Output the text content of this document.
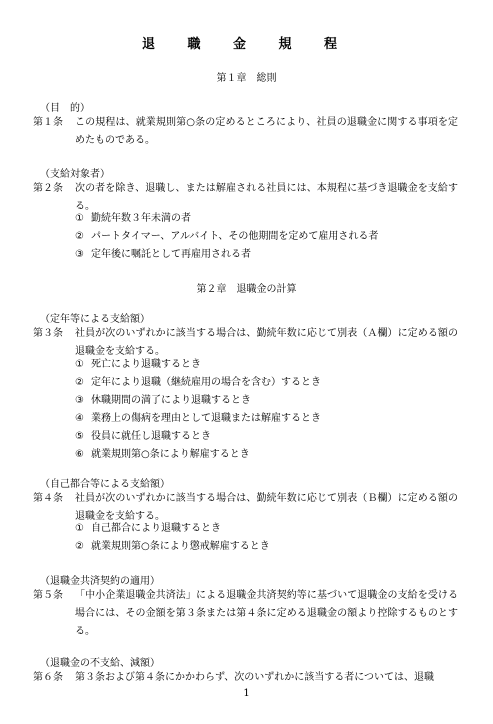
退 職 金 規 程
第１章　総則
（目　的）
第１条	この規程は、就業規則第○条の定めるところにより、社員の退職金に関する事項を定めたものである。
（支給対象者）
第２条	次の者を除き、退職し、または解雇される社員には、本規程に基づき退職金を支給する。
① 勤続年数３年未満の者
② パートタイマー、アルバイト、その他期間を定めて雇用される者
③ 定年後に嘱託として再雇用される者
第２章　退職金の計算
（定年等による支給額）
第３条	社員が次のいずれかに該当する場合は、勤続年数に応じて別表（Ａ欄）に定める額の退職金を支給する。
① 死亡により退職するとき
② 定年により退職（継続雇用の場合を含む）するとき
③ 休職期間の満了により退職するとき
④ 業務上の傷病を理由として退職または解雇するとき
⑤ 役員に就任し退職するとき
⑥ 就業規則第○条により解雇するとき
（自己都合等による支給額）
第４条	社員が次のいずれかに該当する場合は、勤続年数に応じて別表（Ｂ欄）に定める額の退職金を支給する。
① 自己都合により退職するとき
② 就業規則第○条により懲戒解雇するとき
（退職金共済契約の適用）
第５条	「中小企業退職金共済法」による退職金共済契約等に基づいて退職金の支給を受ける場合には、その金額を第３条または第４条に定める退職金の額より控除するものとする。
（退職金の不支給、減額）
第６条	第３条および第４条にかかわらず、次のいずれかに該当する者については、退職
1
